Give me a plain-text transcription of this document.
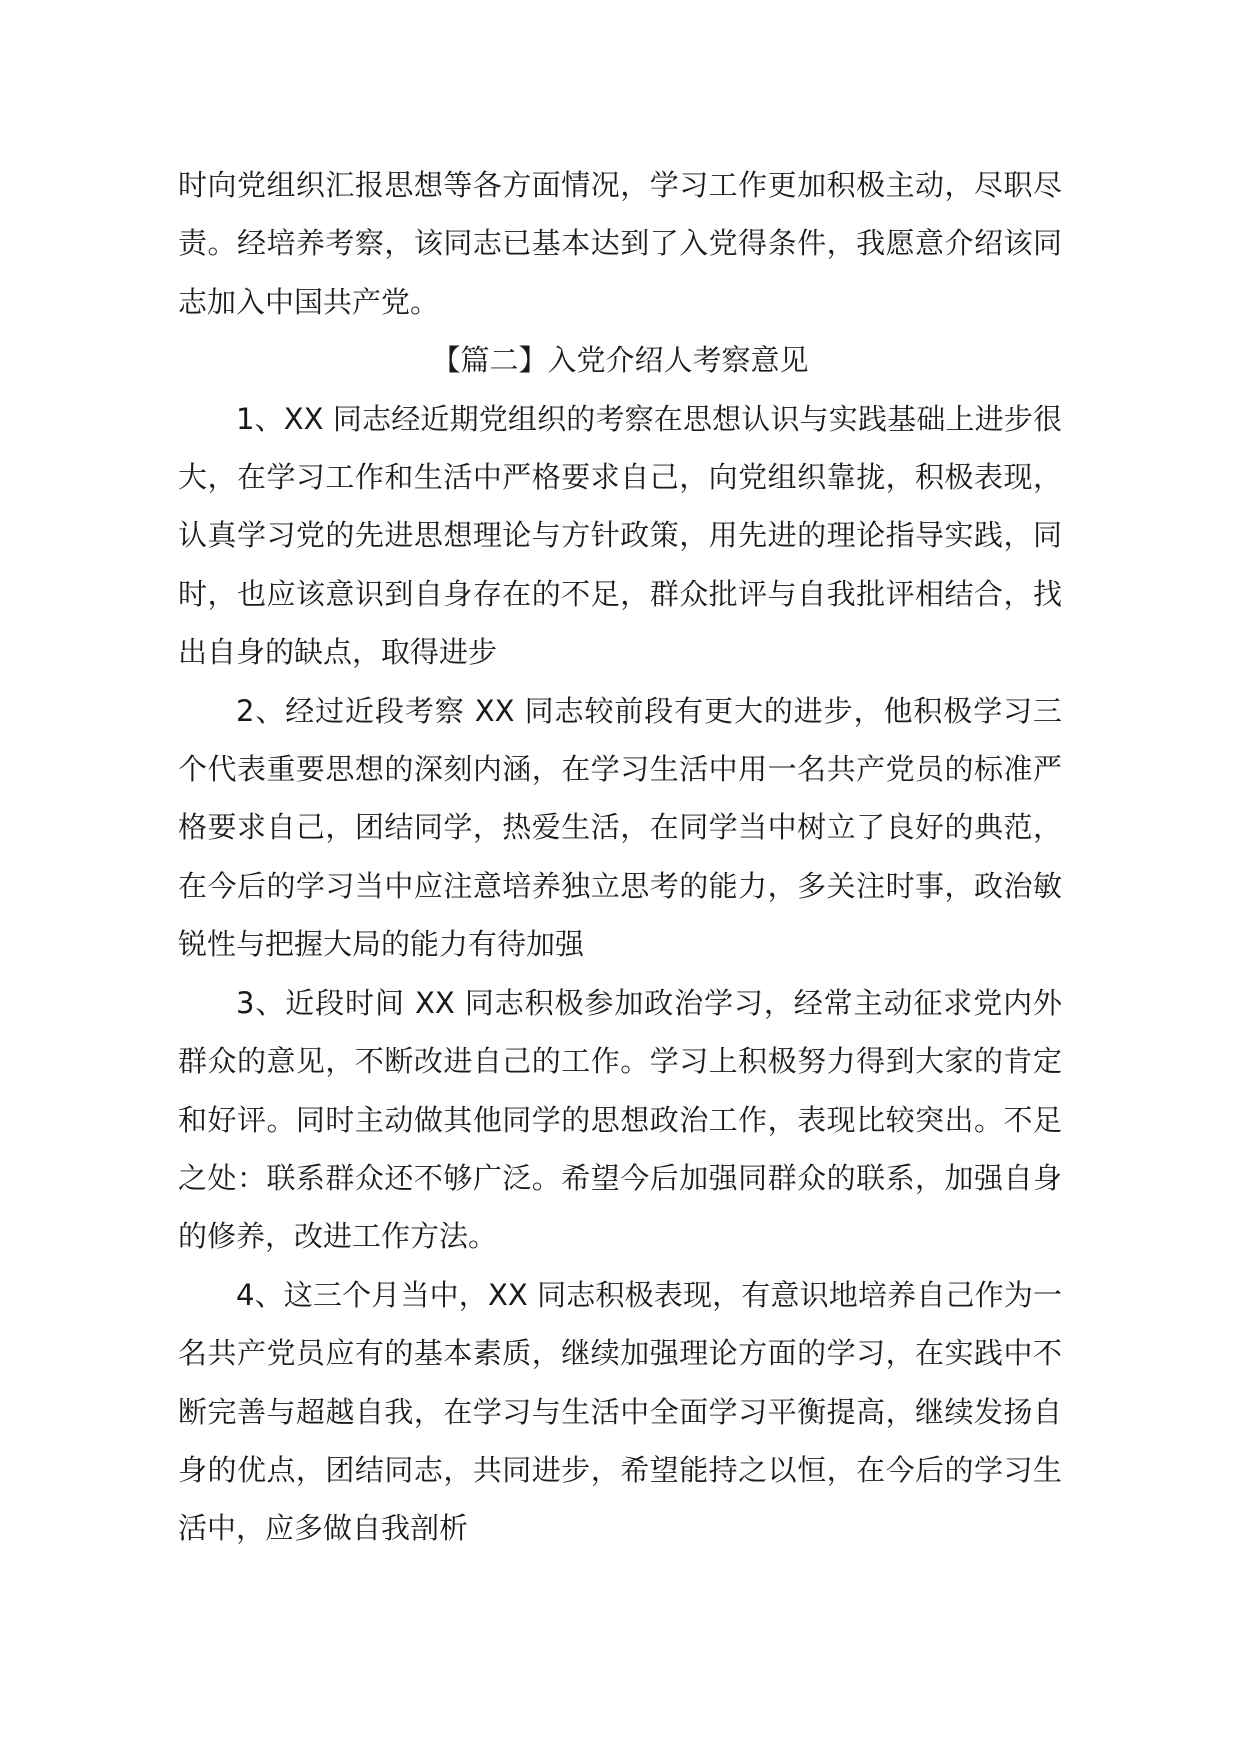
时向党组织汇报思想等各方面情况，学习工作更加积极主动，尽职尽责。经培养考察，该同志已基本达到了入党得条件，我愿意介绍该同志加入中国共产党。

【篇二】入党介绍人考察意见

1、XX 同志经近期党组织的考察在思想认识与实践基础上进步很大，在学习工作和生活中严格要求自己，向党组织靠拢，积极表现，认真学习党的先进思想理论与方针政策，用先进的理论指导实践，同时，也应该意识到自身存在的不足，群众批评与自我批评相结合，找出自身的缺点，取得进步

2、经过近段考察 XX 同志较前段有更大的进步，他积极学习三个代表重要思想的深刻内涵，在学习生活中用一名共产党员的标准严格要求自己，团结同学，热爱生活，在同学当中树立了良好的典范，在今后的学习当中应注意培养独立思考的能力，多关注时事，政治敏锐性与把握大局的能力有待加强

3、近段时间 XX 同志积极参加政治学习，经常主动征求党内外群众的意见，不断改进自己的工作。学习上积极努力得到大家的肯定和好评。同时主动做其他同学的思想政治工作，表现比较突出。不足之处：联系群众还不够广泛。希望今后加强同群众的联系，加强自身的修养，改进工作方法。

4、这三个月当中，XX 同志积极表现，有意识地培养自己作为一名共产党员应有的基本素质，继续加强理论方面的学习，在实践中不断完善与超越自我，在学习与生活中全面学习平衡提高，继续发扬自身的优点，团结同志，共同进步，希望能持之以恒，在今后的学习生活中，应多做自我剖析
